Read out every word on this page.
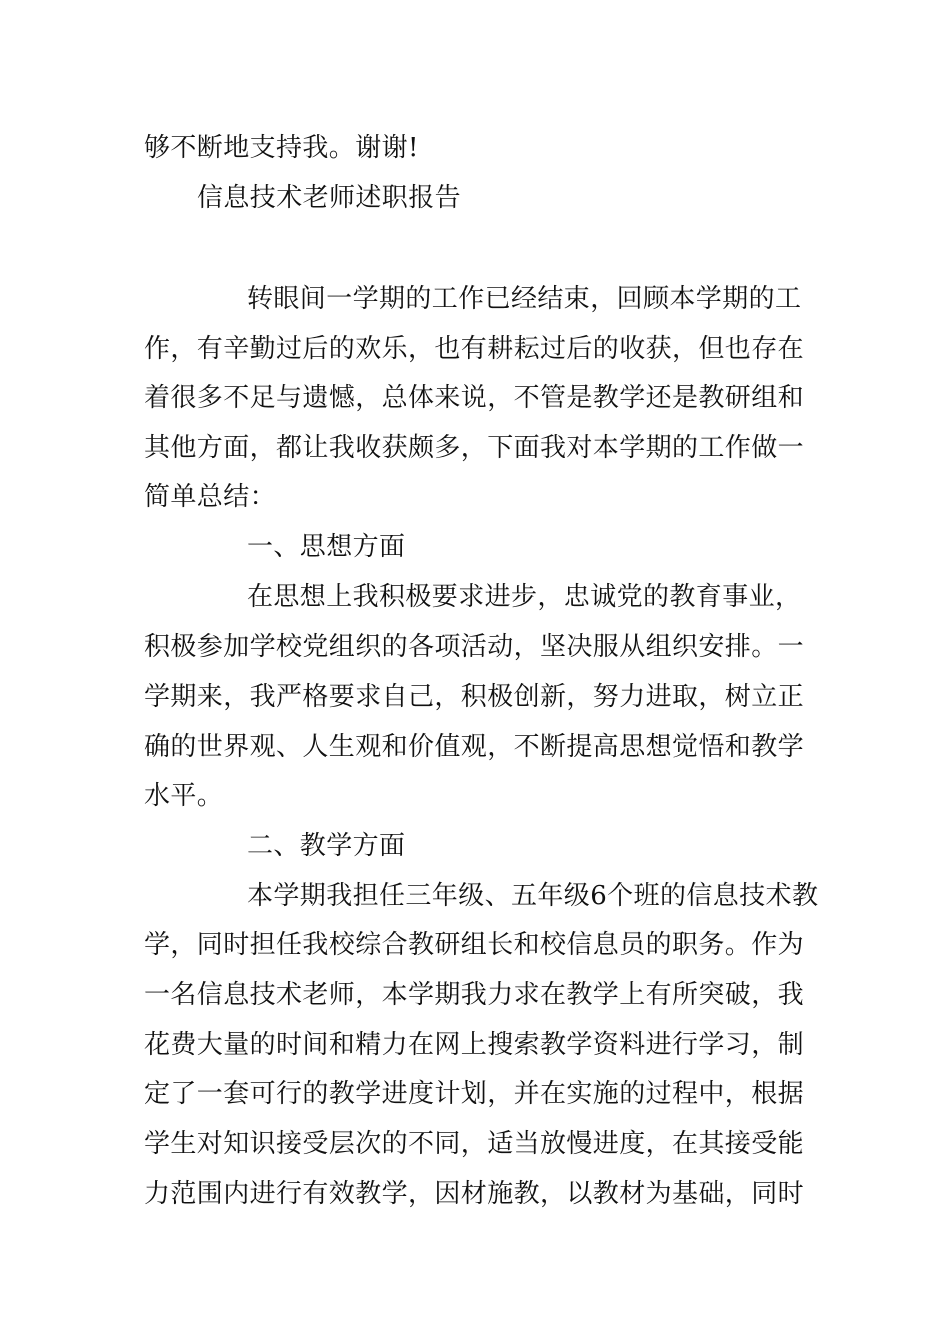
够不断地支持我。谢谢!
信息技术老师述职报告
转眼间一学期的工作已经结束，回顾本学期的工
作，有辛勤过后的欢乐，也有耕耘过后的收获，但也存在
着很多不足与遗憾，总体来说，不管是教学还是教研组和
其他方面，都让我收获颇多，下面我对本学期的工作做一
简单总结：
一、思想方面
在思想上我积极要求进步，忠诚党的教育事业，
积极参加学校党组织的各项活动，坚决服从组织安排。一
学期来，我严格要求自己，积极创新，努力进取，树立正
确的世界观、人生观和价值观，不断提高思想觉悟和教学
水平。
二、教学方面
本学期我担任三年级、五年级6个班的信息技术教
学，同时担任我校综合教研组长和校信息员的职务。作为
一名信息技术老师，本学期我力求在教学上有所突破，我
花费大量的时间和精力在网上搜索教学资料进行学习，制
定了一套可行的教学进度计划，并在实施的过程中，根据
学生对知识接受层次的不同，适当放慢进度，在其接受能
力范围内进行有效教学，因材施教，以教材为基础，同时
